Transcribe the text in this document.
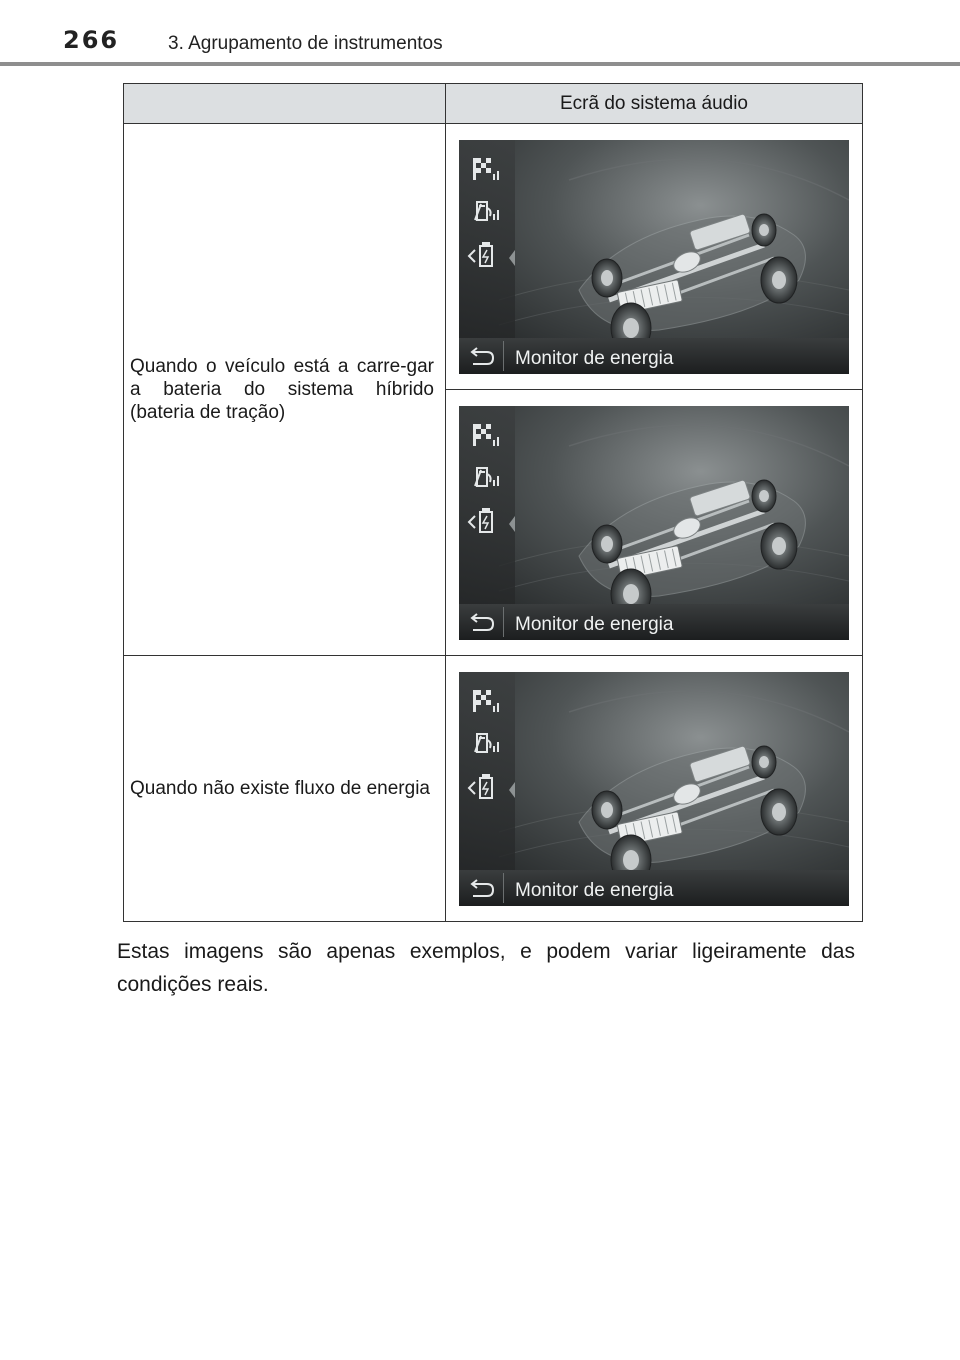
266	3. Agrupamento de instrumentos
	Ecrã do sistema áudio
Quando o veículo está a carre-gar a bateria do sistema híbrido (bateria de tração)	Monitor de energia

Monitor de energia

Quando não existe fluxo de energia	Monitor de energia
Estas imagens são apenas exemplos, e podem variar ligeiramente das condições reais.
